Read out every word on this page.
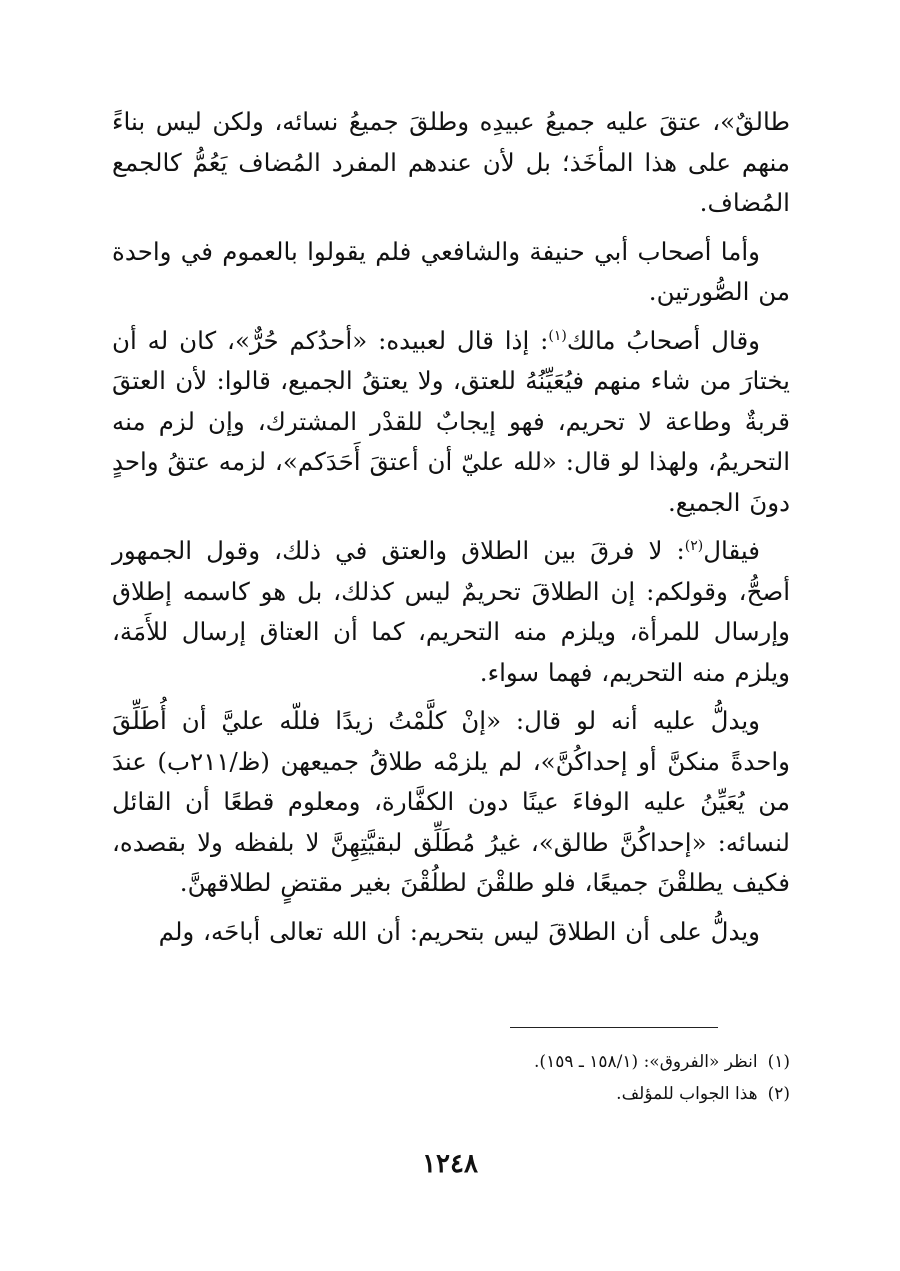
طالقٌ»، عتقَ عليه جميعُ عبيدِه وطلقَ جميعُ نسائه، ولكن ليس بناءً منهم على هذا المأخَذ؛ بل لأن عندهم المفرد المُضاف يَعُمُّ كالجمع المُضاف.

وأما أصحاب أبي حنيفة والشافعي فلم يقولوا بالعموم في واحدة من الصُّورتين.

وقال أصحابُ مالك$^{(١)}$: إذا قال لعبيده: «أحدُكم حُرٌّ»، كان له أن يختارَ من شاء منهم فيُعَيِّنُهُ للعتق، ولا يعتقُ الجميع، قالوا: لأن العتقَ قربةٌ وطاعة لا تحريم، فهو إيجابٌ للقدْر المشترك، وإن لزم منه التحريمُ، ولهذا لو قال: «لله عليّ أن أعتقَ أَحَدَكم»، لزمه عتقُ واحدٍ دونَ الجميع.

فيقال$^{(٢)}$: لا فرقَ بين الطلاق والعتق في ذلك، وقول الجمهور أصحُّ، وقولكم: إن الطلاقَ تحريمٌ ليس كذلك، بل هو كاسمه إطلاق وإرسال للمرأة، ويلزم منه التحريم، كما أن العتاق إرسال للأَمَة، ويلزم منه التحريم، فهما سواء.

ويدلُّ عليه أنه لو قال: «إنْ كلَّمْتُ زيدًا فللّه عليَّ أن أُطَلِّقَ واحدةً منكنَّ أو إحداكُنَّ»، لم يلزمْه طلاقُ جميعهن (ظ/٢١١ب) عندَ من يُعَيِّنُ عليه الوفاءَ عينًا دون الكفَّارة، ومعلوم قطعًا أن القائل لنسائه: «إحداكُنَّ طالق»، غيرُ مُطَلِّق لبقيَّتِهِنَّ لا بلفظه ولا بقصده، فكيف يطلقْنَ جميعًا، فلو طلقْنَ لطلُقْنَ بغير مقتضٍ لطلاقهنَّ.

ويدلُّ على أن الطلاقَ ليس بتحريم: أن الله تعالى أباحَه، ولم

(١)انظر «الفروق»: (١٥٨/١ ـ ١٥٩).
(٢)هذا الجواب للمؤلف.
١٢٤٨
